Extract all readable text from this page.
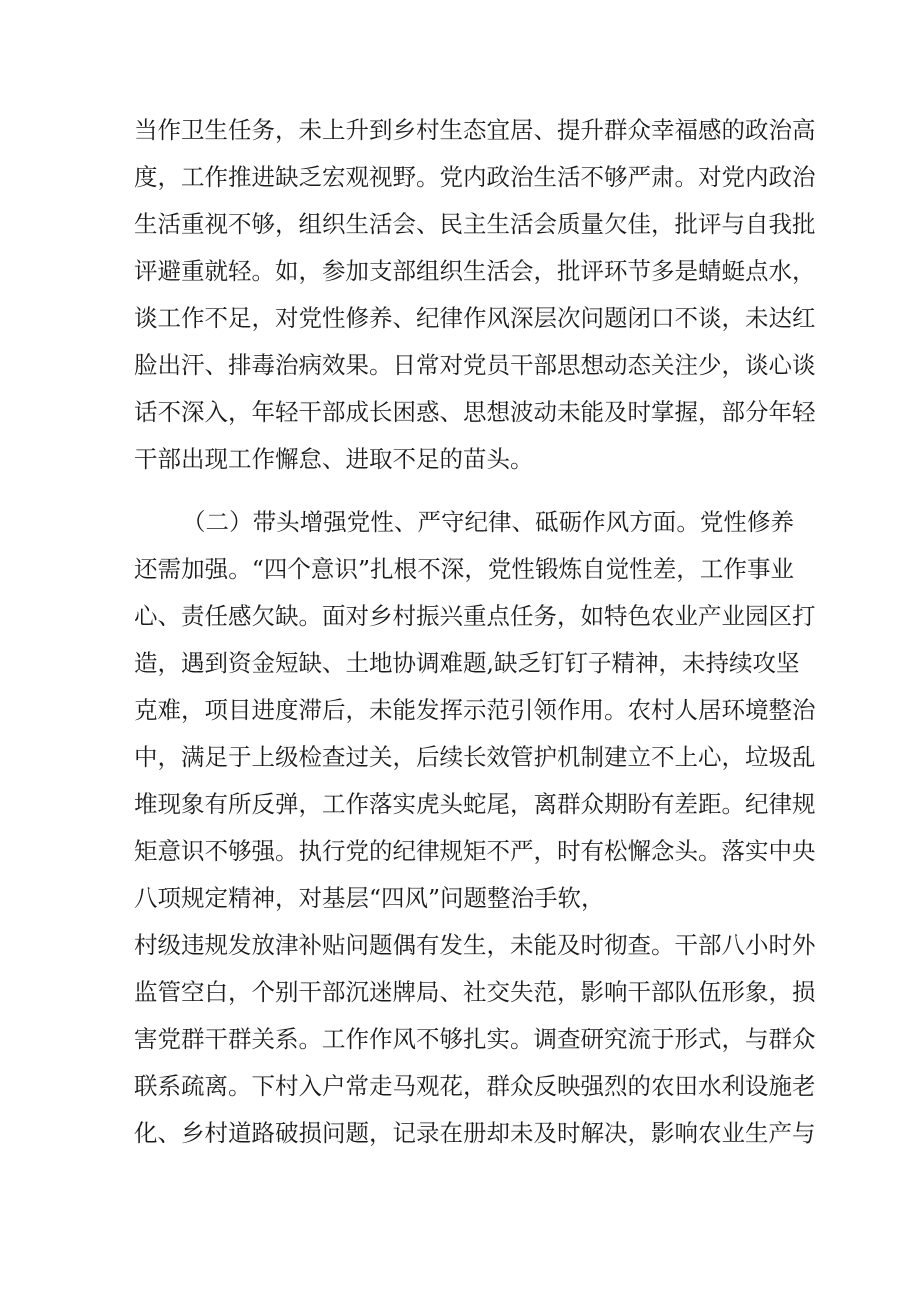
当作卫生任务，未上升到乡村生态宜居、提升群众幸福感的政治高
度，工作推进缺乏宏观视野。党内政治生活不够严肃。对党内政治
生活重视不够，组织生活会、民主生活会质量欠佳，批评与自我批
评避重就轻。如，参加支部组织生活会，批评环节多是蜻蜓点水，
谈工作不足，对党性修养、纪律作风深层次问题闭口不谈，未达红
脸出汗、排毒治病效果。日常对党员干部思想动态关注少，谈心谈
话不深入，年轻干部成长困惑、思想波动未能及时掌握，部分年轻
干部出现工作懈怠、进取不足的苗头。
（二）带头增强党性、严守纪律、砥砺作风方面。党性修养
还需加强。“四个意识”扎根不深，党性锻炼自觉性差，工作事业
心、责任感欠缺。面对乡村振兴重点任务，如特色农业产业园区打
造，遇到资金短缺、土地协调难题,缺乏钉钉子精神，未持续攻坚
克难，项目进度滞后，未能发挥示范引领作用。农村人居环境整治
中，满足于上级检查过关，后续长效管护机制建立不上心，垃圾乱
堆现象有所反弹，工作落实虎头蛇尾，离群众期盼有差距。纪律规
矩意识不够强。执行党的纪律规矩不严，时有松懈念头。落实中央
八项规定精神，对基层“四风”问题整治手软，
村级违规发放津补贴问题偶有发生，未能及时彻查。干部八小时外
监管空白，个别干部沉迷牌局、社交失范，影响干部队伍形象，损
害党群干群关系。工作作风不够扎实。调查研究流于形式，与群众
联系疏离。下村入户常走马观花，群众反映强烈的农田水利设施老
化、乡村道路破损问题，记录在册却未及时解决，影响农业生产与
